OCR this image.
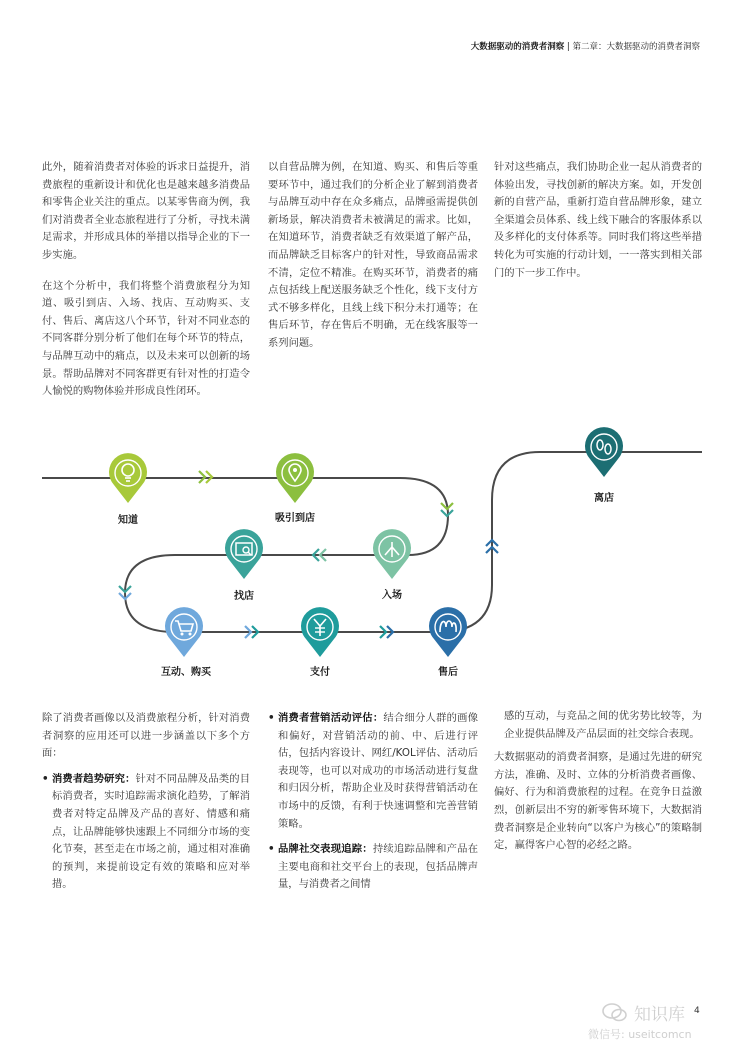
大数据驱动的消费者洞察 | 第二章：大数据驱动的消费者洞察

此外，随着消费者对体验的诉求日益提升，消费旅程的重新设计和优化也是越来越多消费品和零售企业关注的重点。以某零售商为例，我们对消费者全业态旅程进行了分析，寻找未满足需求，并形成具体的举措以指导企业的下一步实施。

在这个分析中，我们将整个消费旅程分为知道、吸引到店、入场、找店、互动购买、支付、售后、离店这八个环节，针对不同业态的不同客群分别分析了他们在每个环节的特点，与品牌互动中的痛点，以及未来可以创新的场景。帮助品牌对不同客群更有针对性的打造令人愉悦的购物体验并形成良性闭环。

以自营品牌为例，在知道、购买、和售后等重要环节中，通过我们的分析企业了解到消费者与品牌互动中存在众多痛点，品牌亟需提供创新场景，解决消费者未被满足的需求。比如，在知道环节，消费者缺乏有效渠道了解产品，而品牌缺乏目标客户的针对性，导致商品需求不清，定位不精准。在购买环节，消费者的痛点包括线上配送服务缺乏个性化，线下支付方式不够多样化，且线上线下积分未打通等；在售后环节，存在售后不明确，无在线客服等一系列问题。

针对这些痛点，我们协助企业一起从消费者的体验出发，寻找创新的解决方案。如，开发创新的自营产品，重新打造自营品牌形象，建立全渠道会员体系、线上线下融合的客服体系以及多样化的支付体系等。同时我们将这些举措转化为可实施的行动计划，一一落实到相关部门的下一步工作中。

知道	吸引到店
入场
找店
互动、购买	支付	售后
离店

除了消费者画像以及消费旅程分析，针对消费者洞察的应用还可以进一步涵盖以下多个方面：

• 消费者趋势研究：针对不同品牌及品类的目标消费者，实时追踪需求演化趋势，了解消费者对特定品牌及产品的喜好、情感和痛点，让品牌能够快速跟上不同细分市场的变化节奏，甚至走在市场之前，通过相对准确的预判，来提前设定有效的策略和应对举措。
• 消费者营销活动评估：结合细分人群的画像和偏好，对营销活动的前、中、后进行评估，包括内容设计、网红/KOL评估、活动后表现等，也可以对成功的市场活动进行复盘和归因分析，帮助企业及时获得营销活动在市场中的反馈，有利于快速调整和完善营销策略。
• 品牌社交表现追踪：持续追踪品牌和产品在主要电商和社交平台上的表现，包括品牌声量，与消费者之间情
感的互动，与竞品之间的优劣势比较等，为企业提供品牌及产品层面的社交综合表现。

大数据驱动的消费者洞察，是通过先进的研究方法，准确、及时、立体的分析消费者画像、偏好、行为和消费旅程的过程。在竞争日益激烈，创新层出不穷的新零售环境下，大数据消费者洞察是企业转向“以客户为核心”的策略制定，赢得客户心智的必经之路。

知识库
微信号: useitcomcn
4
